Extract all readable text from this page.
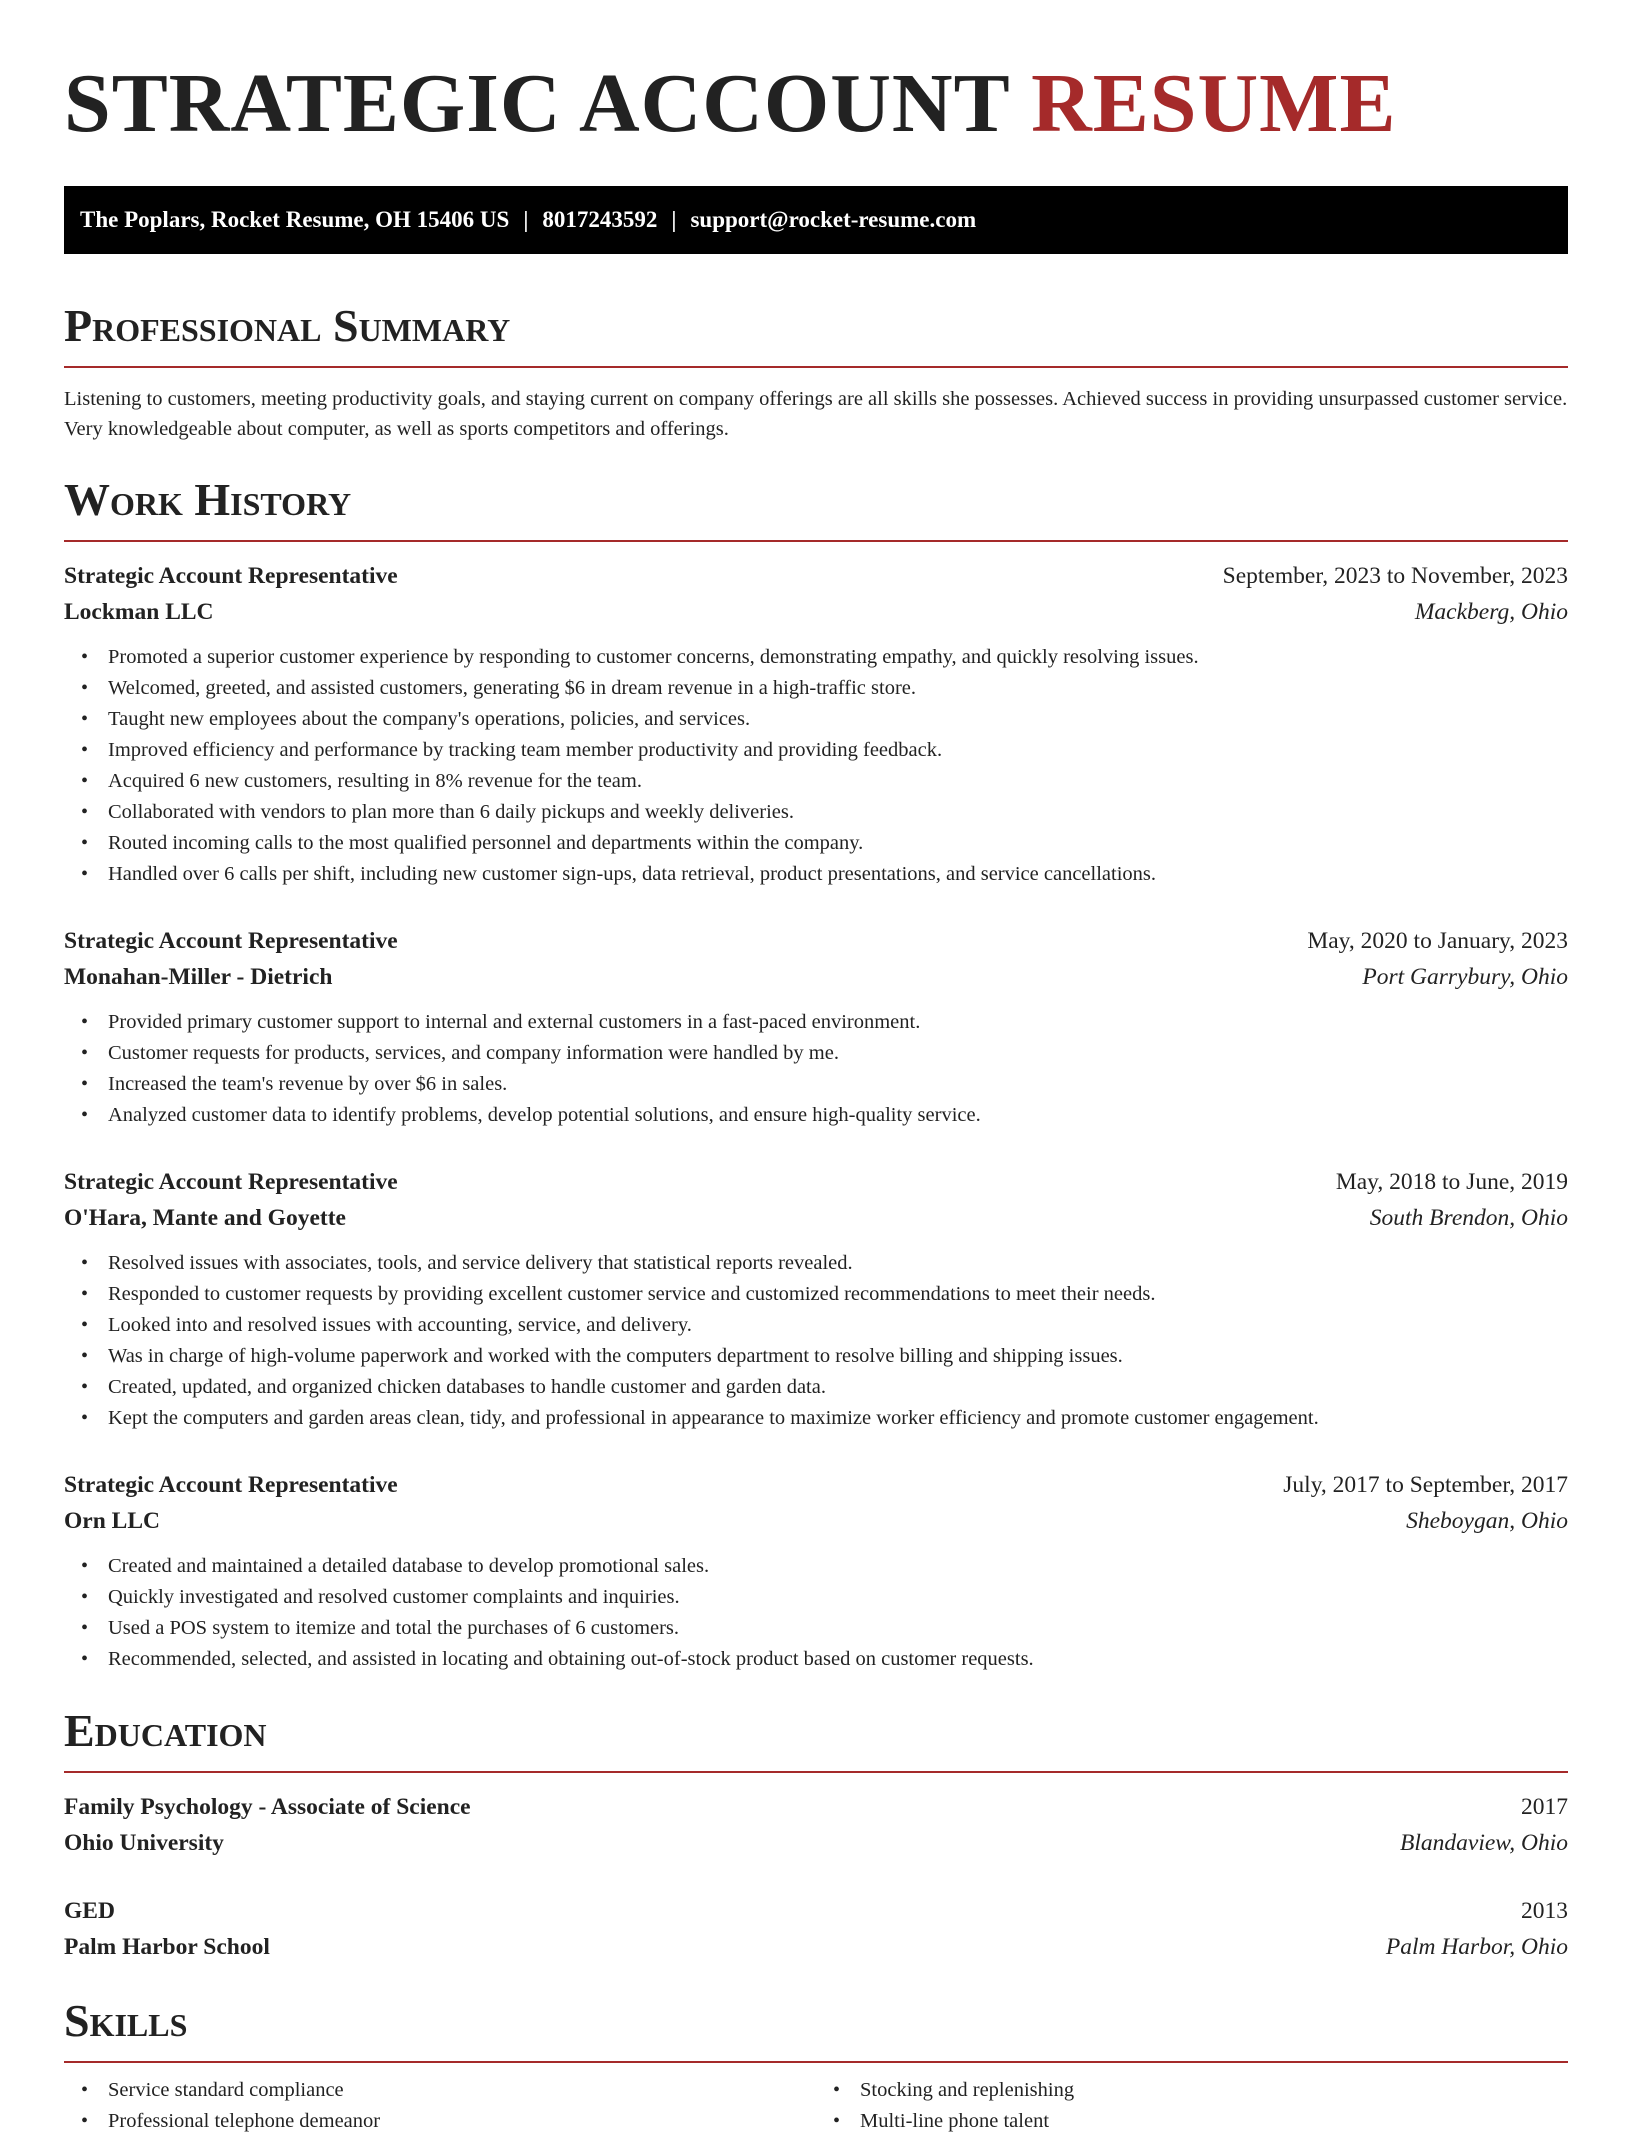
STRATEGIC ACCOUNT RESUME
The Poplars, Rocket Resume, OH 15406 US | 8017243592 | support@rocket-resume.com
Professional Summary

Listening to customers, meeting productivity goals, and staying current on company offerings are all skills she possesses. Achieved success in providing unsurpassed customer service. Very knowledgeable about computer, as well as sports competitors and offerings.

Work History
Strategic Account Representative	September, 2023 to November, 2023
Lockman LLC	Mackberg, Ohio
• Promoted a superior customer experience by responding to customer concerns, demonstrating empathy, and quickly resolving issues.
• Welcomed, greeted, and assisted customers, generating $6 in dream revenue in a high-traffic store.
• Taught new employees about the company's operations, policies, and services.
• Improved efficiency and performance by tracking team member productivity and providing feedback.
• Acquired 6 new customers, resulting in 8% revenue for the team.
• Collaborated with vendors to plan more than 6 daily pickups and weekly deliveries.
• Routed incoming calls to the most qualified personnel and departments within the company.
• Handled over 6 calls per shift, including new customer sign-ups, data retrieval, product presentations, and service cancellations.
Strategic Account Representative	May, 2020 to January, 2023
Monahan-Miller - Dietrich	Port Garrybury, Ohio
• Provided primary customer support to internal and external customers in a fast-paced environment.
• Customer requests for products, services, and company information were handled by me.
• Increased the team's revenue by over $6 in sales.
• Analyzed customer data to identify problems, develop potential solutions, and ensure high-quality service.
Strategic Account Representative	May, 2018 to June, 2019
O'Hara, Mante and Goyette	South Brendon, Ohio
• Resolved issues with associates, tools, and service delivery that statistical reports revealed.
• Responded to customer requests by providing excellent customer service and customized recommendations to meet their needs.
• Looked into and resolved issues with accounting, service, and delivery.
• Was in charge of high-volume paperwork and worked with the computers department to resolve billing and shipping issues.
• Created, updated, and organized chicken databases to handle customer and garden data.
• Kept the computers and garden areas clean, tidy, and professional in appearance to maximize worker efficiency and promote customer engagement.
Strategic Account Representative	July, 2017 to September, 2017
Orn LLC	Sheboygan, Ohio
• Created and maintained a detailed database to develop promotional sales.
• Quickly investigated and resolved customer complaints and inquiries.
• Used a POS system to itemize and total the purchases of 6 customers.
• Recommended, selected, and assisted in locating and obtaining out-of-stock product based on customer requests.
Education
Family Psychology - Associate of Science	2017
Ohio University	Blandaview, Ohio
GED	2013
Palm Harbor School	Palm Harbor, Ohio
Skills
• Service standard compliance
• Professional telephone demeanor
• Stocking and replenishing
• Multi-line phone talent
